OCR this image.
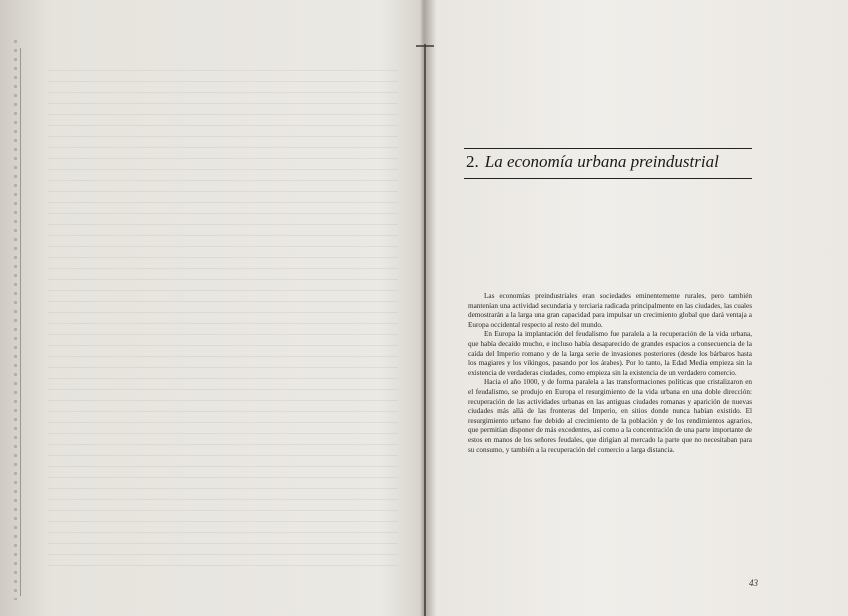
2. La economía urbana preindustrial

Las economías preindustriales eran sociedades eminentemente rurales, pero también mantenían una actividad secundaria y terciaria radicada principalmente en las ciudades, las cuales demostrarán a la larga una gran capacidad para impulsar un crecimiento global que dará ventaja a Europa occidental respecto al resto del mundo.

En Europa la implantación del feudalismo fue paralela a la recuperación de la vida urbana, que había decaído mucho, e incluso había desaparecido de grandes espacios a consecuencia de la caída del Imperio romano y de la larga serie de invasiones posteriores (desde los bárbaros hasta los magiares y los vikingos, pasando por los árabes). Por lo tanto, la Edad Media empieza sin la existencia de verdaderas ciudades, como empieza sin la existencia de un verdadero comercio.

Hacia el año 1000, y de forma paralela a las transformaciones políticas que cristalizaron en el feudalismo, se produjo en Europa el resurgimiento de la vida urbana en una doble dirección: recuperación de las actividades urbanas en las antiguas ciudades romanas y aparición de nuevas ciudades más allá de las fronteras del Imperio, en sitios donde nunca habían existido. El resurgimiento urbano fue debido al crecimiento de la población y de los rendimientos agrarios, que permitían disponer de más excedentes, así como a la concentración de una parte importante de estos en manos de los señores feudales, que dirigían al mercado la parte que no necesitaban para su consumo, y también a la recuperación del comercio a larga distancia.

43
